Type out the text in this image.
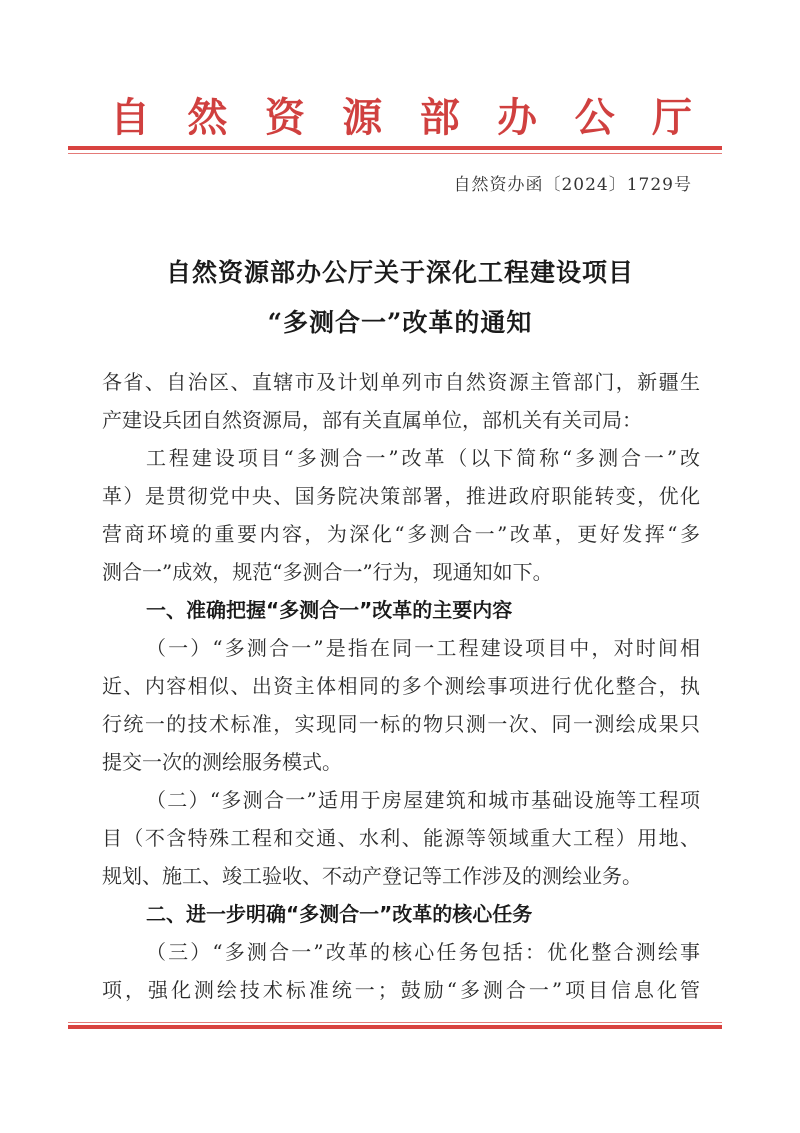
自然资源部办公厅
自然资办函〔2024〕1729号
自然资源部办公厅关于深化工程建设项目
“多测合一”改革的通知
各省、自治区、直辖市及计划单列市自然资源主管部门，新疆生
产建设兵团自然资源局，部有关直属单位，部机关有关司局：
工程建设项目“多测合一”改革（以下简称“多测合一”改
革）是贯彻党中央、国务院决策部署，推进政府职能转变，优化
营商环境的重要内容，为深化“多测合一”改革，更好发挥“多
测合一”成效，规范“多测合一”行为，现通知如下。
一、准确把握“多测合一”改革的主要内容
（一）“多测合一”是指在同一工程建设项目中，对时间相
近、内容相似、出资主体相同的多个测绘事项进行优化整合，执
行统一的技术标准，实现同一标的物只测一次、同一测绘成果只
提交一次的测绘服务模式。
（二）“多测合一”适用于房屋建筑和城市基础设施等工程项
目（不含特殊工程和交通、水利、能源等领域重大工程）用地、
规划、施工、竣工验收、不动产登记等工作涉及的测绘业务。
二、进一步明确“多测合一”改革的核心任务
（三）“多测合一”改革的核心任务包括：优化整合测绘事
项，强化测绘技术标准统一；鼓励“多测合一”项目信息化管
